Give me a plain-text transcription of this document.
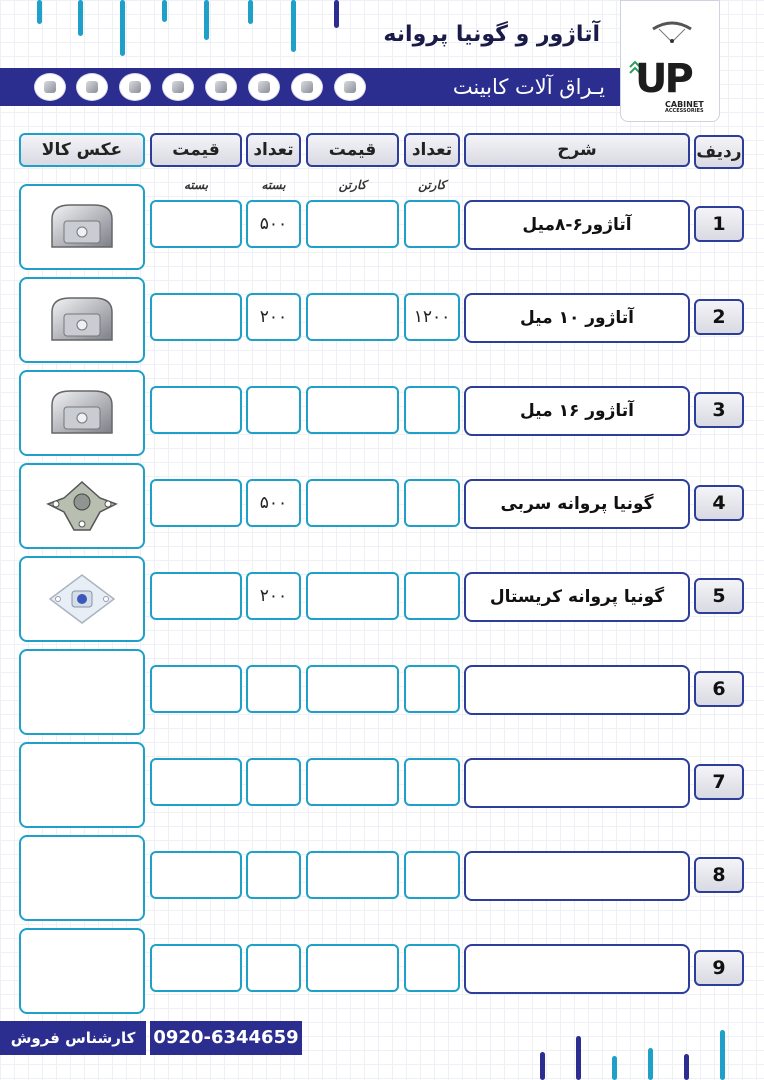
آتاژور و گونیا پروانه
یـراق آلات کابینت UP
CABINET
ACCESSORIES
ردیف
شرح
تعداد
قیمت
تعداد
قیمت
عکس کالا
کارتن
کارتن
بسته
بسته
1
آتاژور۶-۸میل
۵۰۰
2
آتاژور ۱۰ میل
۱۲۰۰
۲۰۰
3
آتاژور ۱۶ میل
4
گونیا پروانه سربی
۵۰۰
5
گونیا پروانه کریستال
۲۰۰
6
7
8
9
کارشناس فروش	0920-6344659
